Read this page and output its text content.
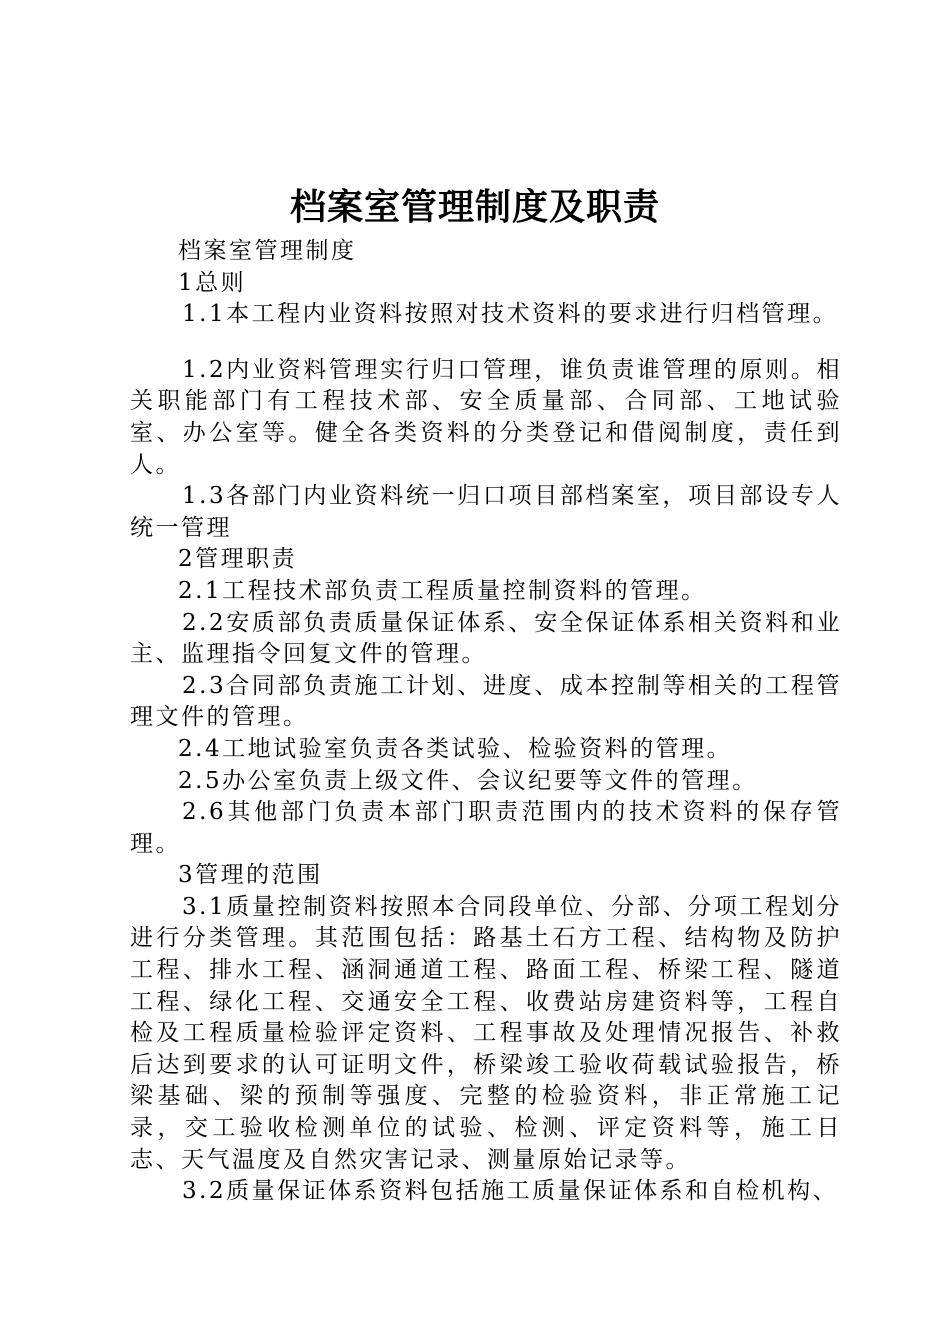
档案室管理制度及职责

档案室管理制度

1总则

1.1本工程内业资料按照对技术资料的要求进行归档管理。

1.2内业资料管理实行归口管理，谁负责谁管理的原则。相关职能部门有工程技术部、安全质量部、合同部、工地试验室、办公室等。健全各类资料的分类登记和借阅制度，责任到人。

1.3各部门内业资料统一归口项目部档案室，项目部设专人统一管理

2管理职责

2.1工程技术部负责工程质量控制资料的管理。

2.2安质部负责质量保证体系、安全保证体系相关资料和业主、监理指令回复文件的管理。

2.3合同部负责施工计划、进度、成本控制等相关的工程管理文件的管理。

2.4工地试验室负责各类试验、检验资料的管理。

2.5办公室负责上级文件、会议纪要等文件的管理。

2.6其他部门负责本部门职责范围内的技术资料的保存管理。

3管理的范围

3.1质量控制资料按照本合同段单位、分部、分项工程划分进行分类管理。其范围包括：路基土石方工程、结构物及防护工程、排水工程、涵洞通道工程、路面工程、桥梁工程、隧道工程、绿化工程、交通安全工程、收费站房建资料等，工程自检及工程质量检验评定资料、工程事故及处理情况报告、补救后达到要求的认可证明文件，桥梁竣工验收荷载试验报告，桥梁基础、梁的预制等强度、完整的检验资料，非正常施工记录，交工验收检测单位的试验、检测、评定资料等，施工日志、天气温度及自然灾害记录、测量原始记录等。

3.2质量保证体系资料包括施工质量保证体系和自检机构、
